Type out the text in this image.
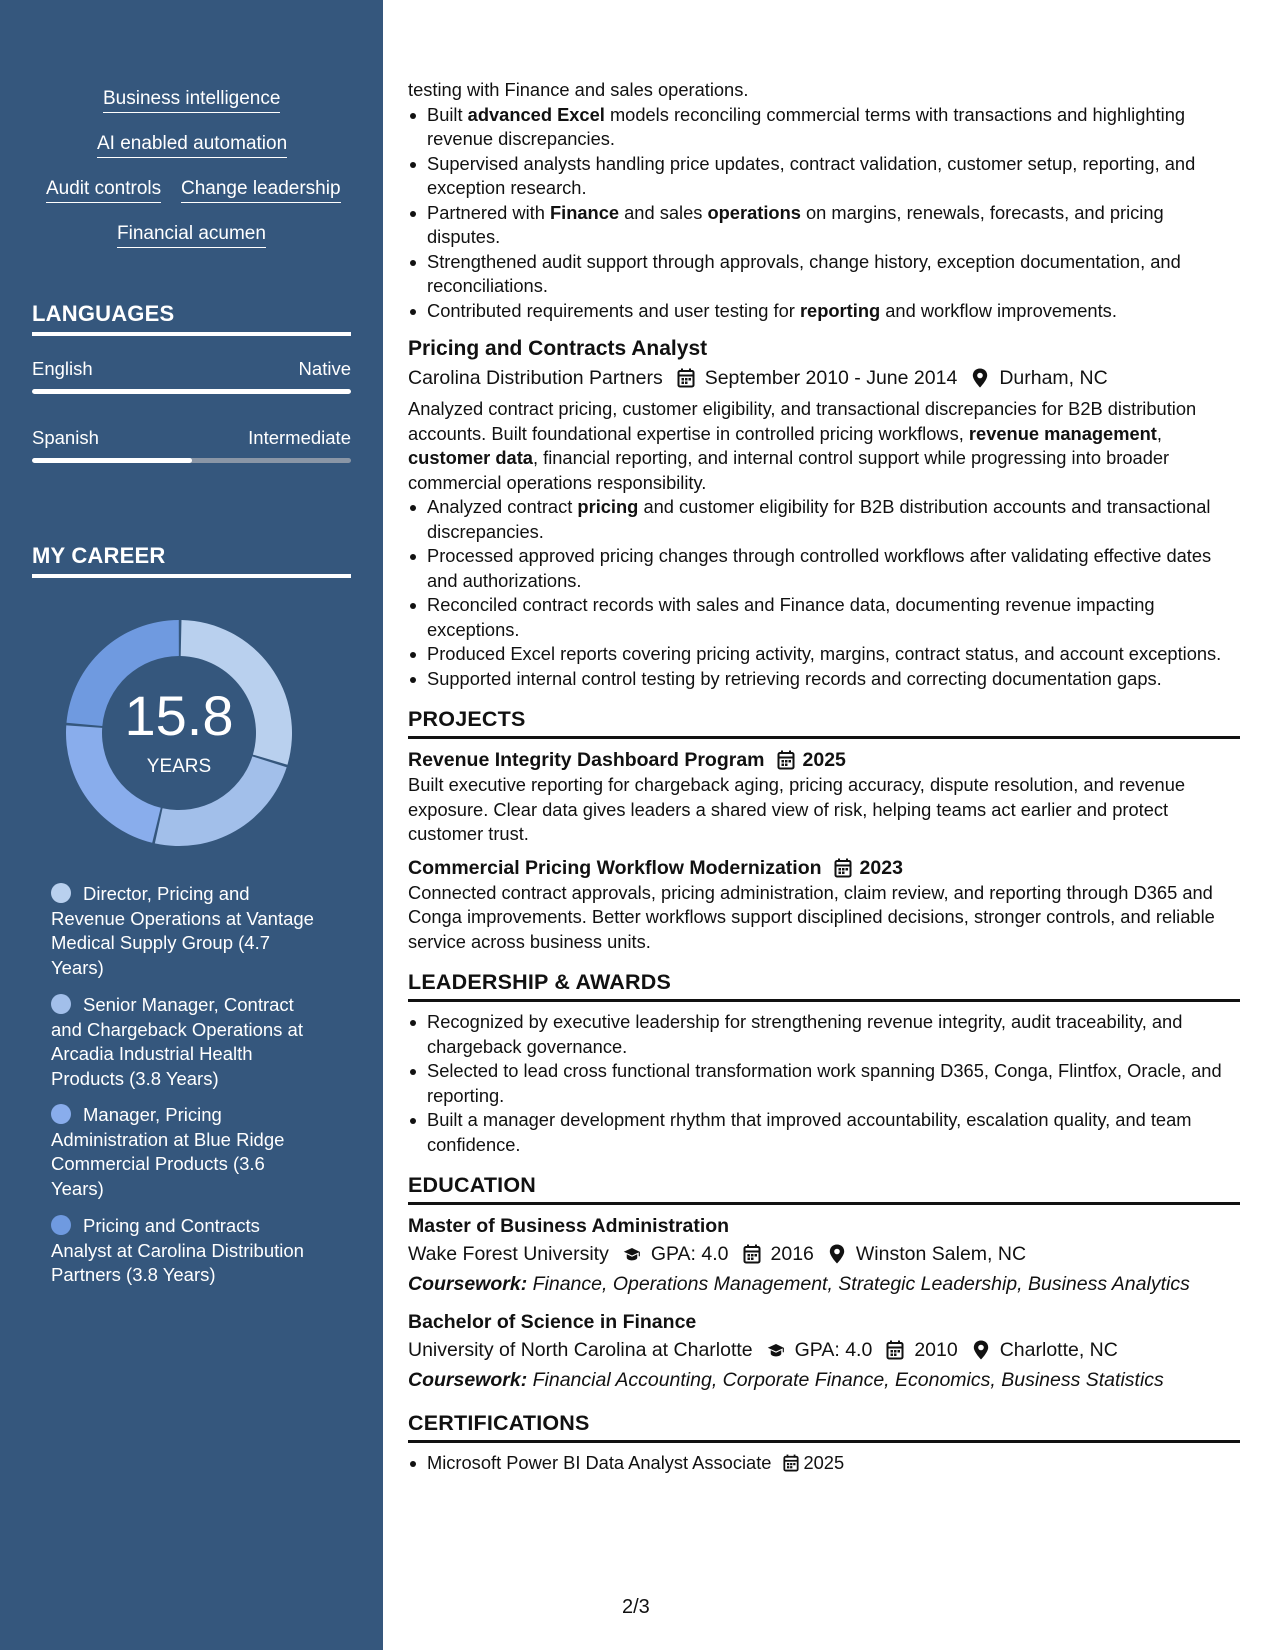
Business intelligence
AI enabled automation
Audit controls Change leadership
Financial acumen
LANGUAGES
English	Native
Spanish	Intermediate
MY CAREER
15.8
YEARS
Director, Pricing and Revenue Operations at Vantage Medical Supply Group (4.7 Years)
Senior Manager, Contract and Chargeback Operations at Arcadia Industrial Health Products (3.8 Years)
Manager, Pricing Administration at Blue Ridge Commercial Products (3.6 Years)
Pricing and Contracts Analyst at Carolina Distribution Partners (3.8 Years)

testing with Finance and sales operations.

Built advanced Excel models reconciling commercial terms with transactions and highlighting revenue discrepancies.
Supervised analysts handling price updates, contract validation, customer setup, reporting, and exception research.
Partnered with Finance and sales operations on margins, renewals, forecasts, and pricing disputes.
Strengthened audit support through approvals, change history, exception documentation, and reconciliations.
Contributed requirements and user testing for reporting and workflow improvements.
Pricing and Contracts Analyst
Carolina Distribution Partners September 2010 - June 2014 Durham, NC

Analyzed contract pricing, customer eligibility, and transactional discrepancies for B2B distribution accounts. Built foundational expertise in controlled pricing workflows, revenue management, customer data, financial reporting, and internal control support while progressing into broader commercial operations responsibility.

Analyzed contract pricing and customer eligibility for B2B distribution accounts and transactional discrepancies.
Processed approved pricing changes through controlled workflows after validating effective dates and authorizations.
Reconciled contract records with sales and Finance data, documenting revenue impacting exceptions.
Produced Excel reports covering pricing activity, margins, contract status, and account exceptions.
Supported internal control testing by retrieving records and correcting documentation gaps.
PROJECTS
Revenue Integrity Dashboard Program 2025

Built executive reporting for chargeback aging, pricing accuracy, dispute resolution, and revenue exposure. Clear data gives leaders a shared view of risk, helping teams act earlier and protect customer trust.

Commercial Pricing Workflow Modernization 2023

Connected contract approvals, pricing administration, claim review, and reporting through D365 and Conga improvements. Better workflows support disciplined decisions, stronger controls, and reliable service across business units.

LEADERSHIP & AWARDS
Recognized by executive leadership for strengthening revenue integrity, audit traceability, and chargeback governance.
Selected to lead cross functional transformation work spanning D365, Conga, Flintfox, Oracle, and reporting.
Built a manager development rhythm that improved accountability, escalation quality, and team confidence.
EDUCATION
Master of Business Administration
Wake Forest University GPA: 4.0 2016 Winston Salem, NC
Coursework: Finance, Operations Management, Strategic Leadership, Business Analytics
Bachelor of Science in Finance
University of North Carolina at Charlotte GPA: 4.0 2010 Charlotte, NC
Coursework: Financial Accounting, Corporate Finance, Economics, Business Statistics
CERTIFICATIONS
Microsoft Power BI Data Analyst Associate 2025
2/3
